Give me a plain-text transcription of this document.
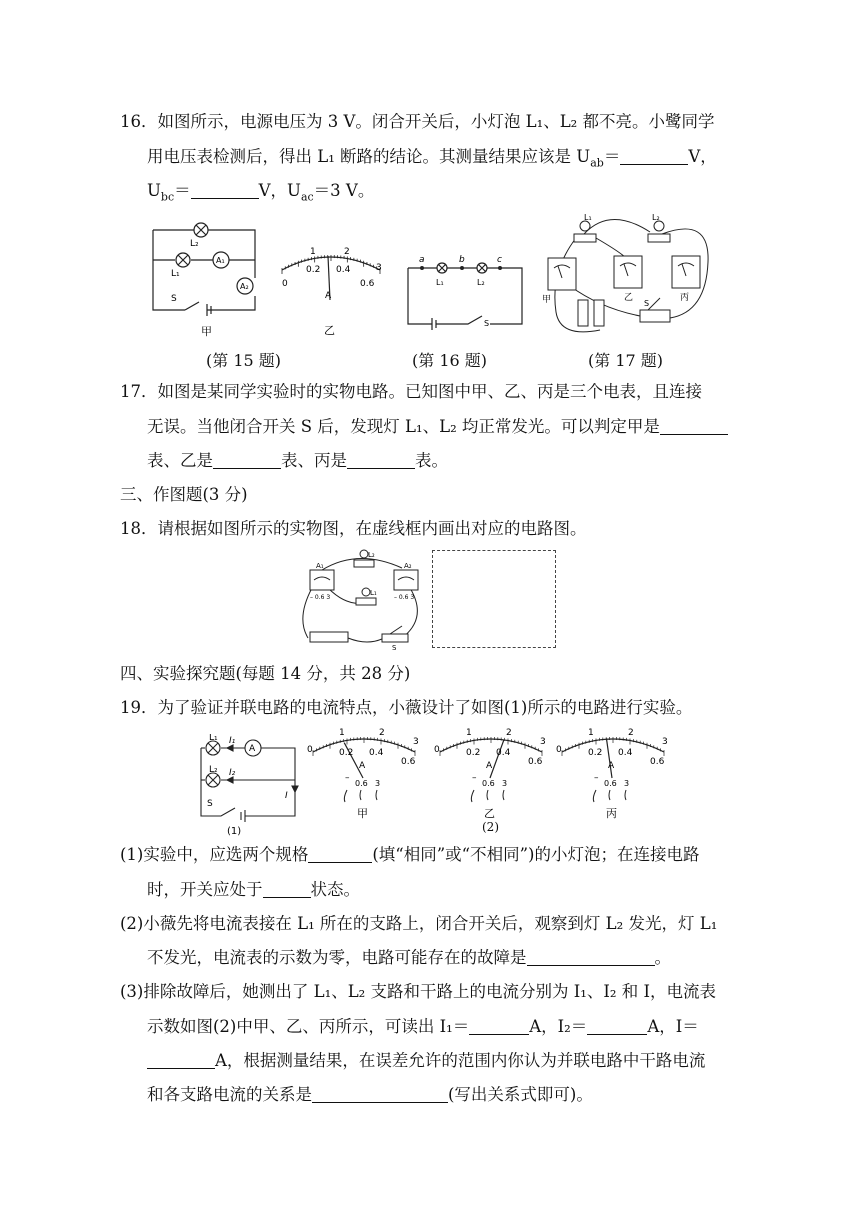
16．如图所示，电源电压为 3 V。闭合开关后，小灯泡 L₁、L₂ 都不亮。小鹭同学
用电压表检测后，得出 L₁ 断路的结论。其测量结果应该是 $U_{ab}=$	V，
$U_{bc}=$	V，$U_{ac}=3$ V。
L₂
L₁
A₁
A₂
S
甲
1	2
0
0.2 0.4
0.6
3
A
乙
a	b	c
L₁	L₂
S
L₁	L₂
甲	乙	丙
S
(第 15 题)	(第 16 题)	(第 17 题)
17．如图是某同学实验时的实物电路。已知图中甲、乙、丙是三个电表，且连接
无误。当他闭合开关 S 后，发现灯 L₁、L₂ 均正常发光。可以判定甲是
表、乙是	表、丙是	表。
三、作图题(3 分)
18．请根据如图所示的实物图，在虚线框内画出对应的电路图。
A₁	A₂
L₂
L₁
– 0.6 3	– 0.6 3
S
四、实验探究题(每题 14 分，共 28 分)
19．为了验证并联电路的电流特点，小薇设计了如图(1)所示的电路进行实验。
L₁
L₂
I₁
I₂
I
A
S
(1)
1	2
0
3
0.2 0.4
0.6
A
–
0.6 3
甲
1	2
0
3
0.2 0.4
0.6
A
–
0.6 3
乙
1	2
0
3
0.2 0.4
0.6
A
–
0.6 3
丙
(2)
(1)实验中，应选两个规格	(填“相同”或“不相同”)的小灯泡；在连接电路
时，开关应处于	状态。
(2)小薇先将电流表接在 L₁ 所在的支路上，闭合开关后，观察到灯 L₂ 发光，灯 L₁
不发光，电流表的示数为零，电路可能存在的故障是	。
(3)排除故障后，她测出了 L₁、L₂ 支路和干路上的电流分别为 I₁、I₂ 和 I，电流表
示数如图(2)中甲、乙、丙所示，可读出 I₁＝	A，I₂＝	A，I＝
A，根据测量结果，在误差允许的范围内你认为并联电路中干路电流
和各支路电流的关系是	(写出关系式即可)。
